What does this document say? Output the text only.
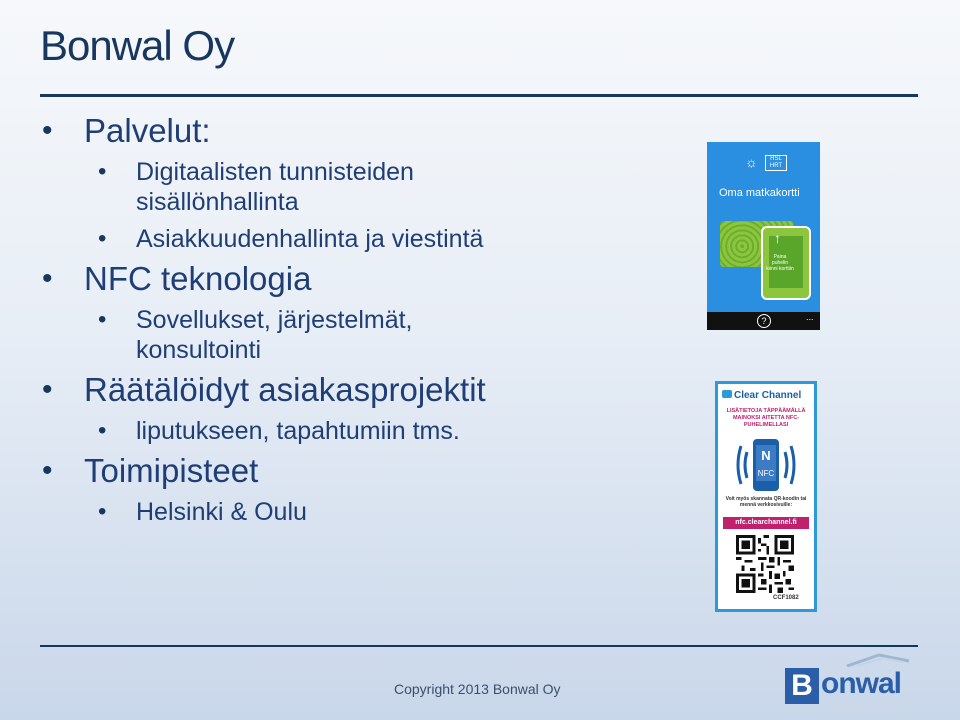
Bonwal Oy
• Palvelut:
• Digitaalisten tunnisteiden
sisällönhallinta
• Asiakkuudenhallinta ja viestintä
• NFC teknologia
• Sovellukset, järjestelmät,
konsultointi
• Räätälöidyt asiakasprojektit
• liputukseen, tapahtumiin tms.
• Toimipisteet
• Helsinki & Oulu
☼	HSL HRT
Oma matkakortti
↑
Paina puhelin kiinni korttiin
?	...
Clear Channel
LISÄTIETOJA TÄPPÄÄMÄLLÄ MAINOKSI AITETTA NFC-PUHELIMELLASI
N
NFC
Voit myös skannata QR-koodin tai mennä verkkosivuille:
nfc.clearchannel.fi
CCF1082
Copyright 2013 Bonwal Oy	B onwal
